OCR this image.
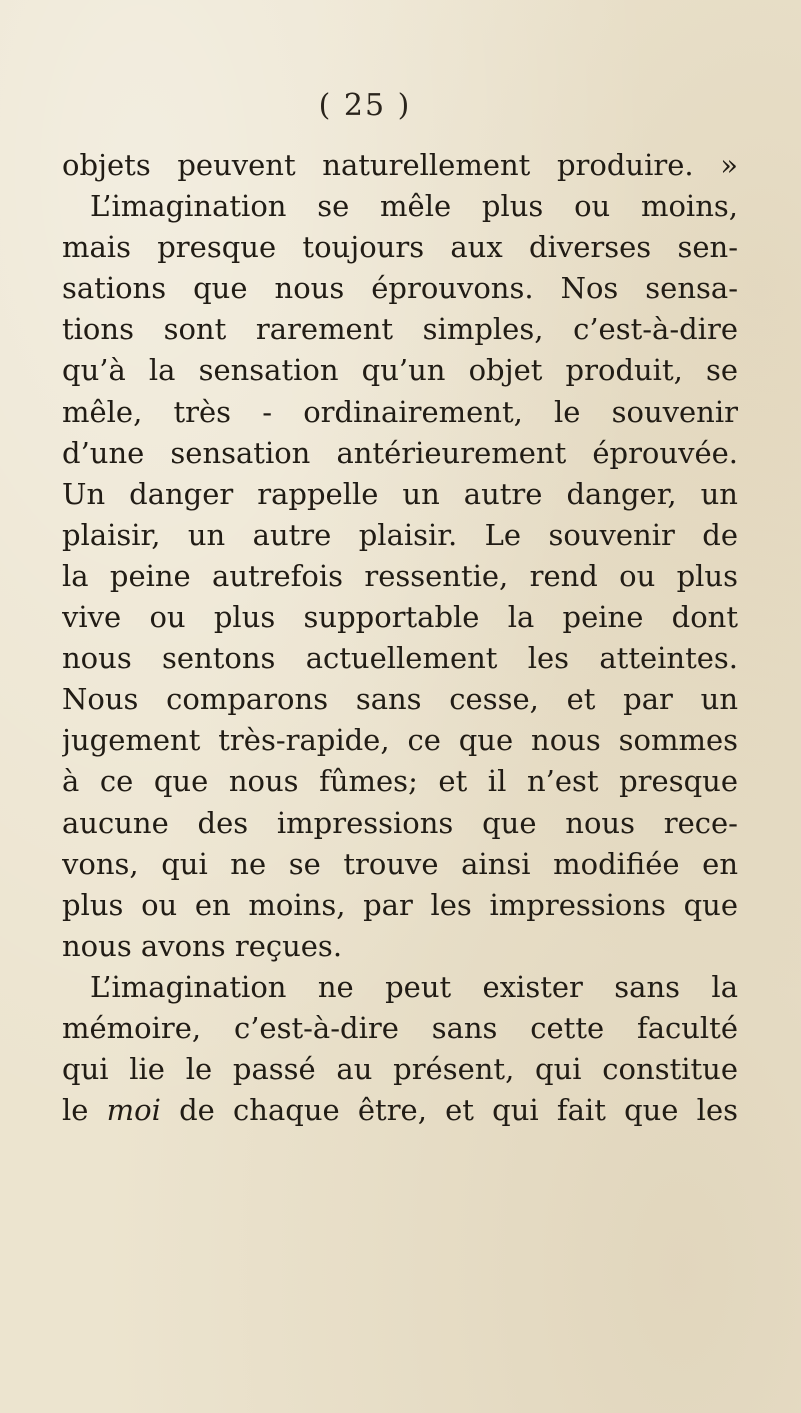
( 25 )
objets peuvent naturellement produire. »
L’imagination se mêle plus ou moins,
mais presque toujours aux diverses sen-
sations que nous éprouvons. Nos sensa-
tions sont rarement simples, c’est-à-dire
qu’à la sensation qu’un objet produit, se
mêle, très - ordinairement, le souvenir
d’une sensation antérieurement éprouvée.
Un danger rappelle un autre danger, un
plaisir, un autre plaisir. Le souvenir de
la peine autrefois ressentie, rend ou plus
vive ou plus supportable la peine dont
nous sentons actuellement les atteintes.
Nous comparons sans cesse, et par un
jugement très-rapide, ce que nous sommes
à ce que nous fûmes; et il n’est presque
aucune des impressions que nous rece-
vons, qui ne se trouve ainsi modifiée en
plus ou en moins, par les impressions que
nous avons reçues.
L’imagination ne peut exister sans la
mémoire, c’est-à-dire sans cette faculté
qui lie le passé au présent, qui constitue
le moi de chaque être, et qui fait que les
